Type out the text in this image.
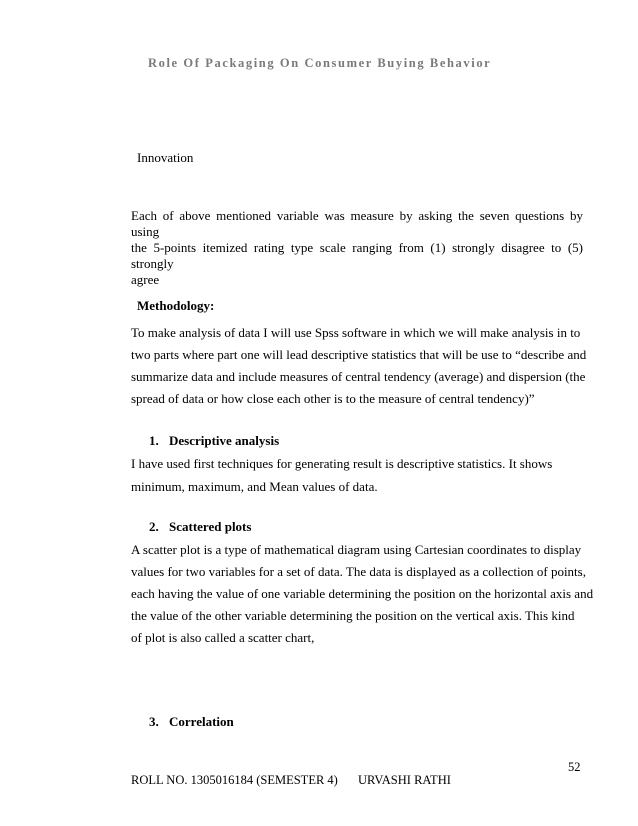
Role Of Packaging On Consumer Buying Behavior
Innovation
Each of above mentioned variable was measure by asking the seven questions by using
the 5-points itemized rating type scale ranging from (1) strongly disagree to (5) strongly
agree
Methodology:
To make analysis of data I will use Spss software in which we will make analysis in to
two parts where part one will lead descriptive statistics that will be use to “describe and
summarize data and include measures of central tendency (average) and dispersion (the
spread of data or how close each other is to the measure of central tendency)”
1. Descriptive analysis
I have used first techniques for generating result is descriptive statistics. It shows
minimum, maximum, and Mean values of data.
2. Scattered plots
A scatter plot is a type of mathematical diagram using Cartesian coordinates to display
values for two variables for a set of data. The data is displayed as a collection of points,
each having the value of one variable determining the position on the horizontal axis and
the value of the other variable determining the position on the vertical axis. This kind
of plot is also called a scatter chart,
3. Correlation
52
ROLL NO. 1305016184 (SEMESTER 4) URVASHI RATHI
